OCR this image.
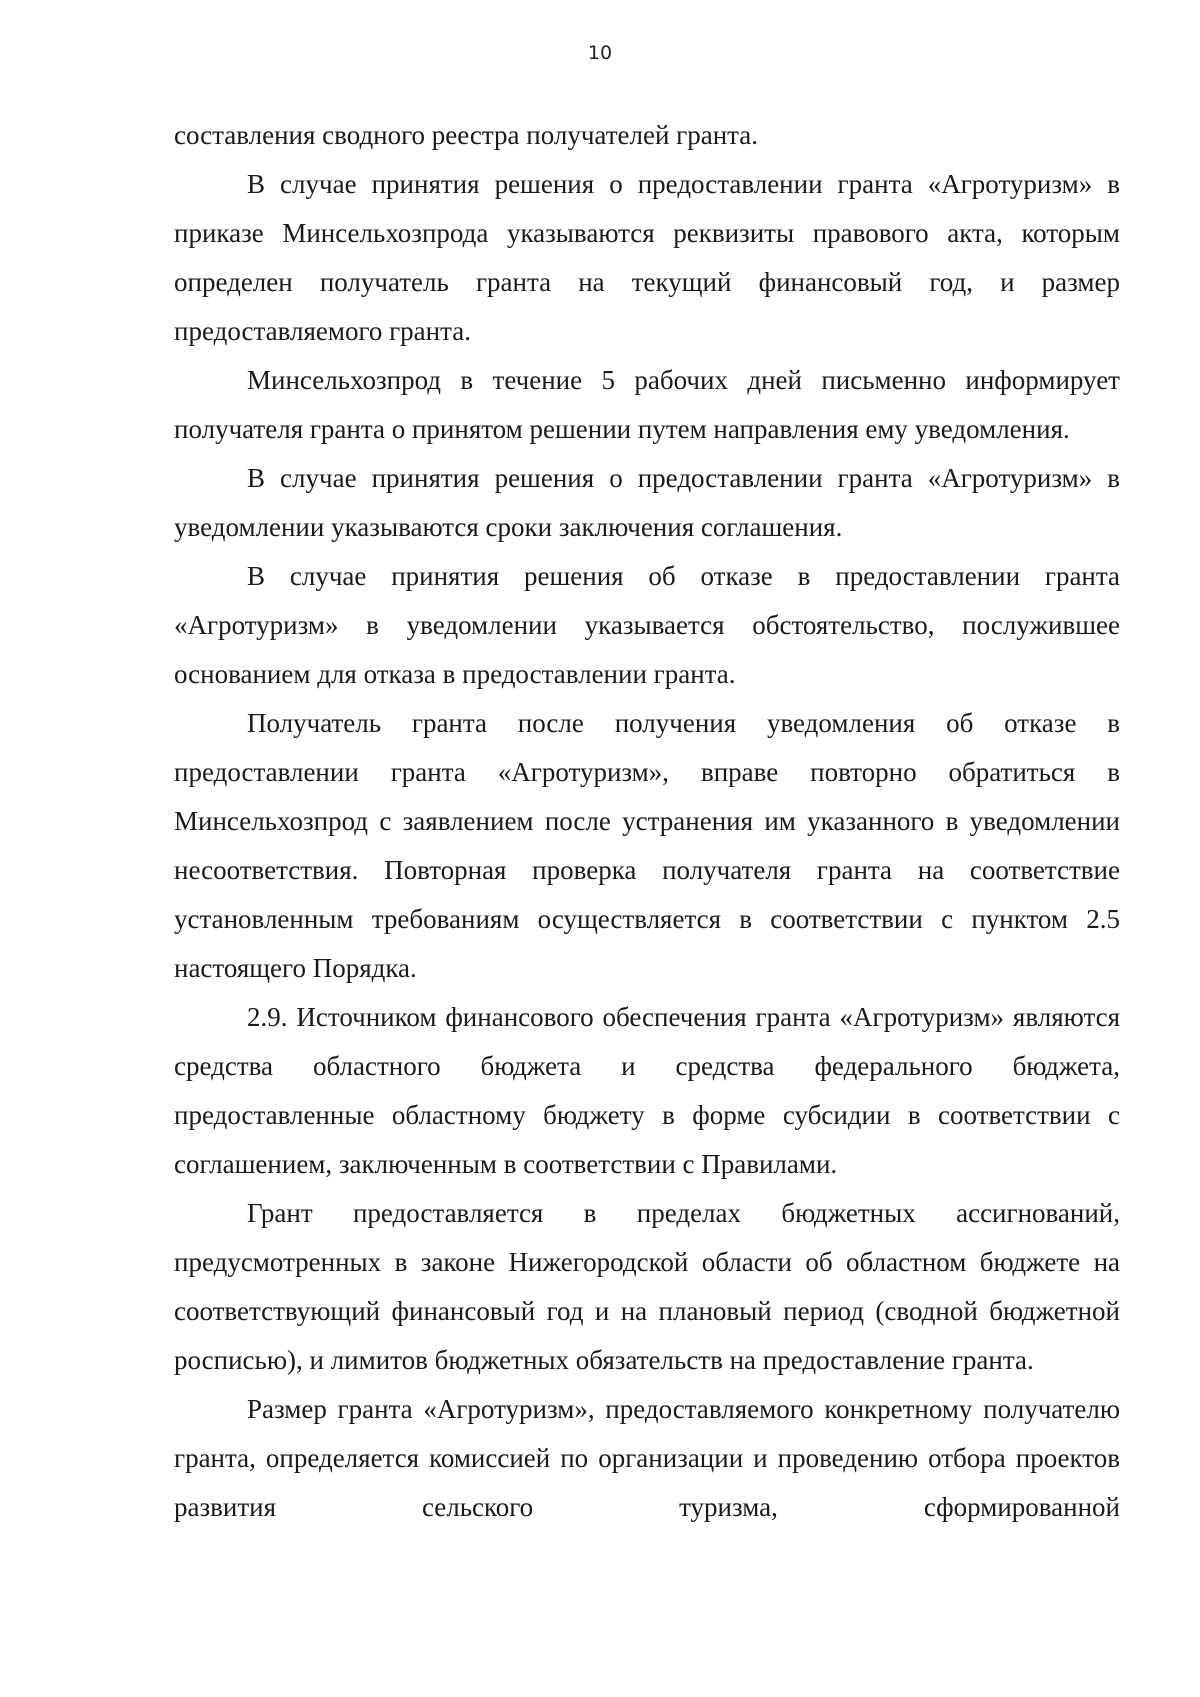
10

составления сводного реестра получателей гранта.

В случае принятия решения о предоставлении гранта «Агротуризм» в приказе Минсельхозпрода указываются реквизиты правового акта, которым определен получатель гранта на текущий финансовый год, и размер предоставляемого гранта.

Минсельхозпрод в течение 5 рабочих дней письменно информирует получателя гранта о принятом решении путем направления ему уведомления.

В случае принятия решения о предоставлении гранта «Агротуризм» в уведомлении указываются сроки заключения соглашения.

В случае принятия решения об отказе в предоставлении гранта «Агротуризм» в уведомлении указывается обстоятельство, послужившее основанием для отказа в предоставлении гранта.

Получатель гранта после получения уведомления об отказе в предоставлении гранта «Агротуризм», вправе повторно обратиться в Минсельхозпрод с заявлением после устранения им указанного в уведомлении несоответствия. Повторная проверка получателя гранта на соответствие установленным требованиям осуществляется в соответствии с пунктом 2.5 настоящего Порядка.

2.9. Источником финансового обеспечения гранта «Агротуризм» являются средства областного бюджета и средства федерального бюджета, предоставленные областному бюджету в форме субсидии в соответствии с соглашением, заключенным в соответствии с Правилами.

Грант предоставляется в пределах бюджетных ассигнований, предусмотренных в законе Нижегородской области об областном бюджете на соответствующий финансовый год и на плановый период (сводной бюджетной росписью), и лимитов бюджетных обязательств на предоставление гранта.

Размер гранта «Агротуризм», предоставляемого конкретному получателю гранта, определяется комиссией по организации и проведению отбора проектов развития сельского туризма, сформированной
